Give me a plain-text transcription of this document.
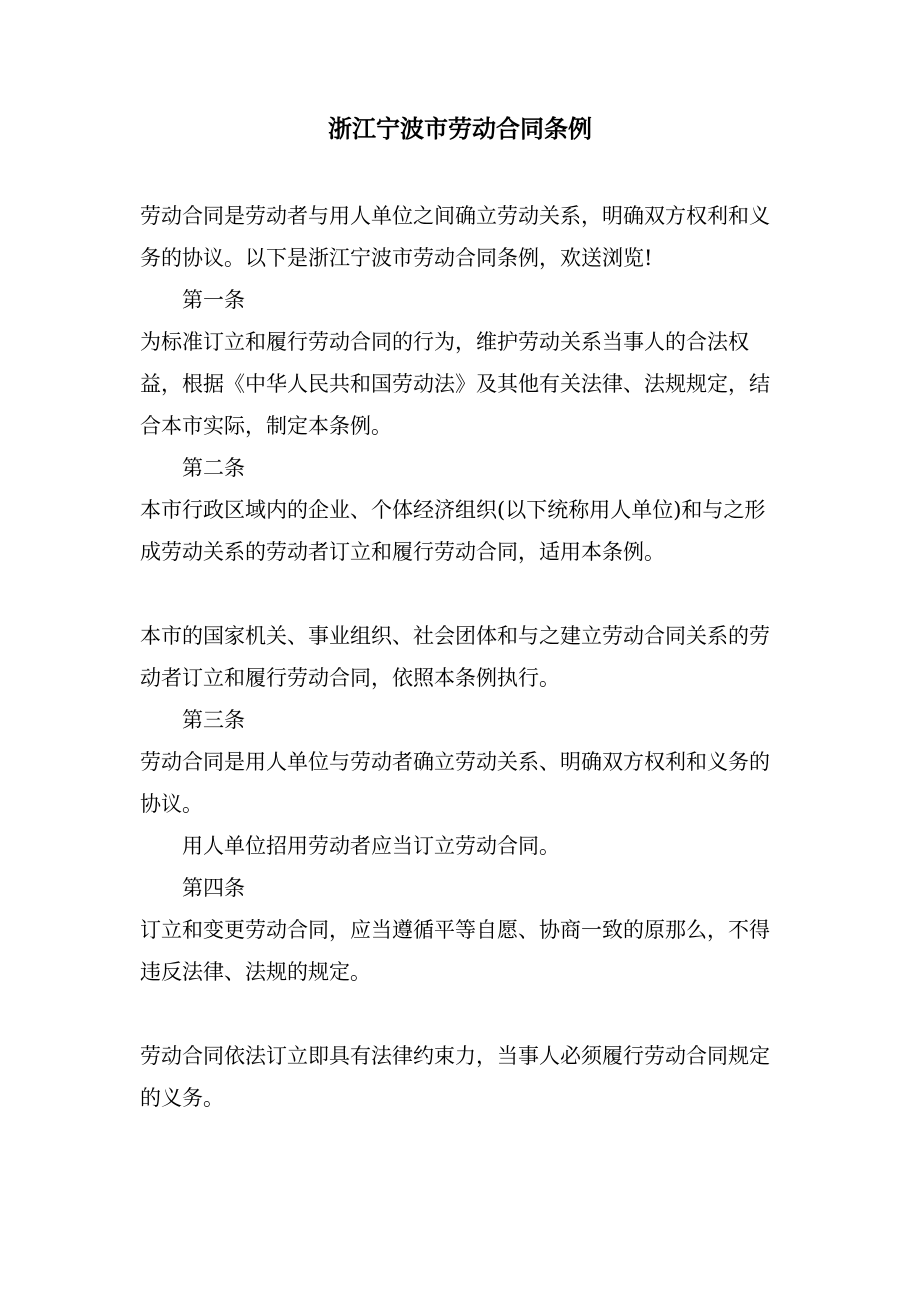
浙江宁波市劳动合同条例

劳动合同是劳动者与用人单位之间确立劳动关系，明确双方权利和义务的协议。以下是浙江宁波市劳动合同条例，欢送浏览!

第一条

为标准订立和履行劳动合同的行为，维护劳动关系当事人的合法权益，根据《中华人民共和国劳动法》及其他有关法律、法规规定，结合本市实际，制定本条例。

第二条

本市行政区域内的企业、个体经济组织(以下统称用人单位)和与之形成劳动关系的劳动者订立和履行劳动合同，适用本条例。

本市的国家机关、事业组织、社会团体和与之建立劳动合同关系的劳动者订立和履行劳动合同，依照本条例执行。

第三条

劳动合同是用人单位与劳动者确立劳动关系、明确双方权利和义务的协议。

用人单位招用劳动者应当订立劳动合同。

第四条

订立和变更劳动合同，应当遵循平等自愿、协商一致的原那么，不得违反法律、法规的规定。

劳动合同依法订立即具有法律约束力，当事人必须履行劳动合同规定的义务。
